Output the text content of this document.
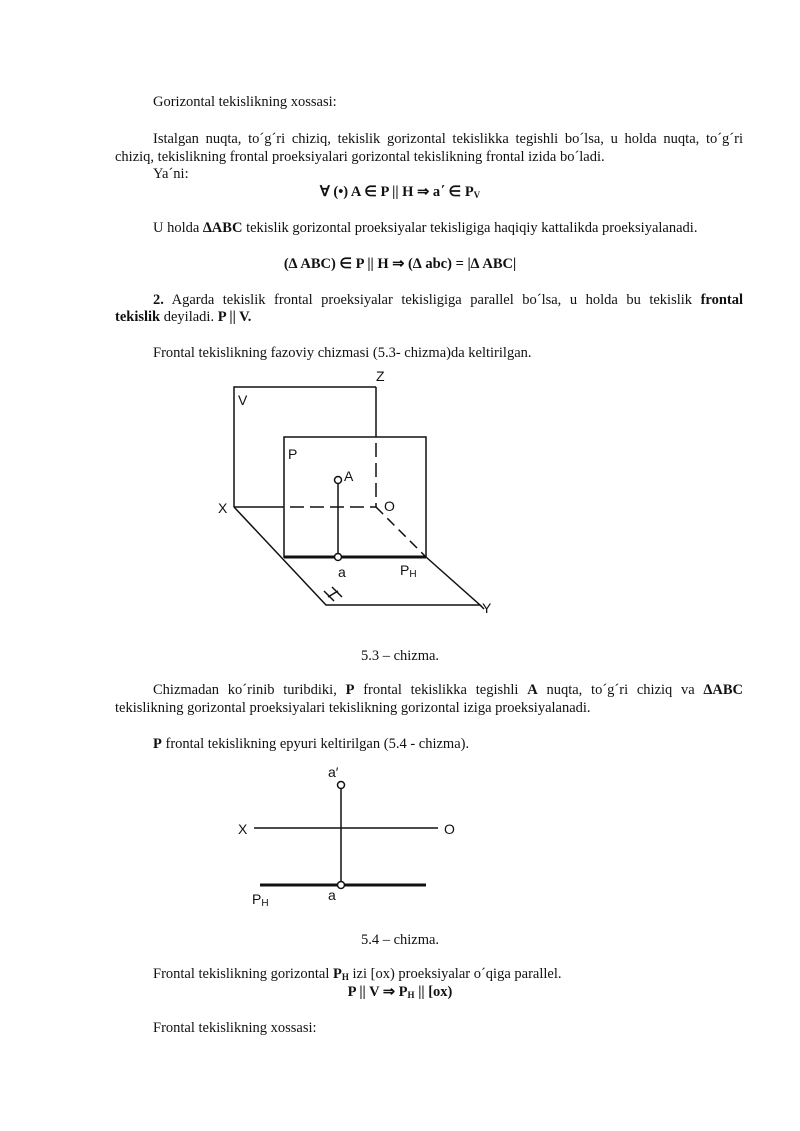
Gorizontal tekislikning xossasi:
Istalgan nuqta, to´g´ri chiziq, tekislik gorizontal tekislikka tegishli bo´lsa, u holda nuqta, to´g´ri
chiziq, tekislikning frontal proeksiyalari gorizontal tekislikning frontal izida bo´ladi.
Ya´ni:
∀ (•) A ∈ P || H ⇒ a΄ ∈ $P_V$
U holda ∆ABC tekislik gorizontal proeksiyalar tekisligiga haqiqiy kattalikda proeksiyalanadi.
(∆ ABC) ∈ P || H ⇒ (∆ abc) = |∆ ABC|
2. Agarda tekislik frontal proeksiyalar tekisligiga parallel bo´lsa, u holda bu tekislik frontal
tekislik deyiladi. P || V.
Frontal tekislikning fazoviy chizmasi (5.3- chizma)da keltirilgan.
Z
V
P
A
X	O
a	PH
Y
5.3 – chizma.
Chizmadan ko´rinib turibdiki, P frontal tekislikka tegishli A nuqta, to´g´ri chiziq va ∆ABC
tekislikning gorizontal proeksiyalari tekislikning gorizontal iziga proeksiyalanadi.
P frontal tekislikning epyuri keltirilgan (5.4 - chizma).
a′
X	O
PH
a
5.4 – chizma.
Frontal tekislikning gorizontal $P_H$ izi [ox) proeksiyalar o´qiga parallel.
P || V ⇒ $P_H$ || [ox)
Frontal tekislikning xossasi:
